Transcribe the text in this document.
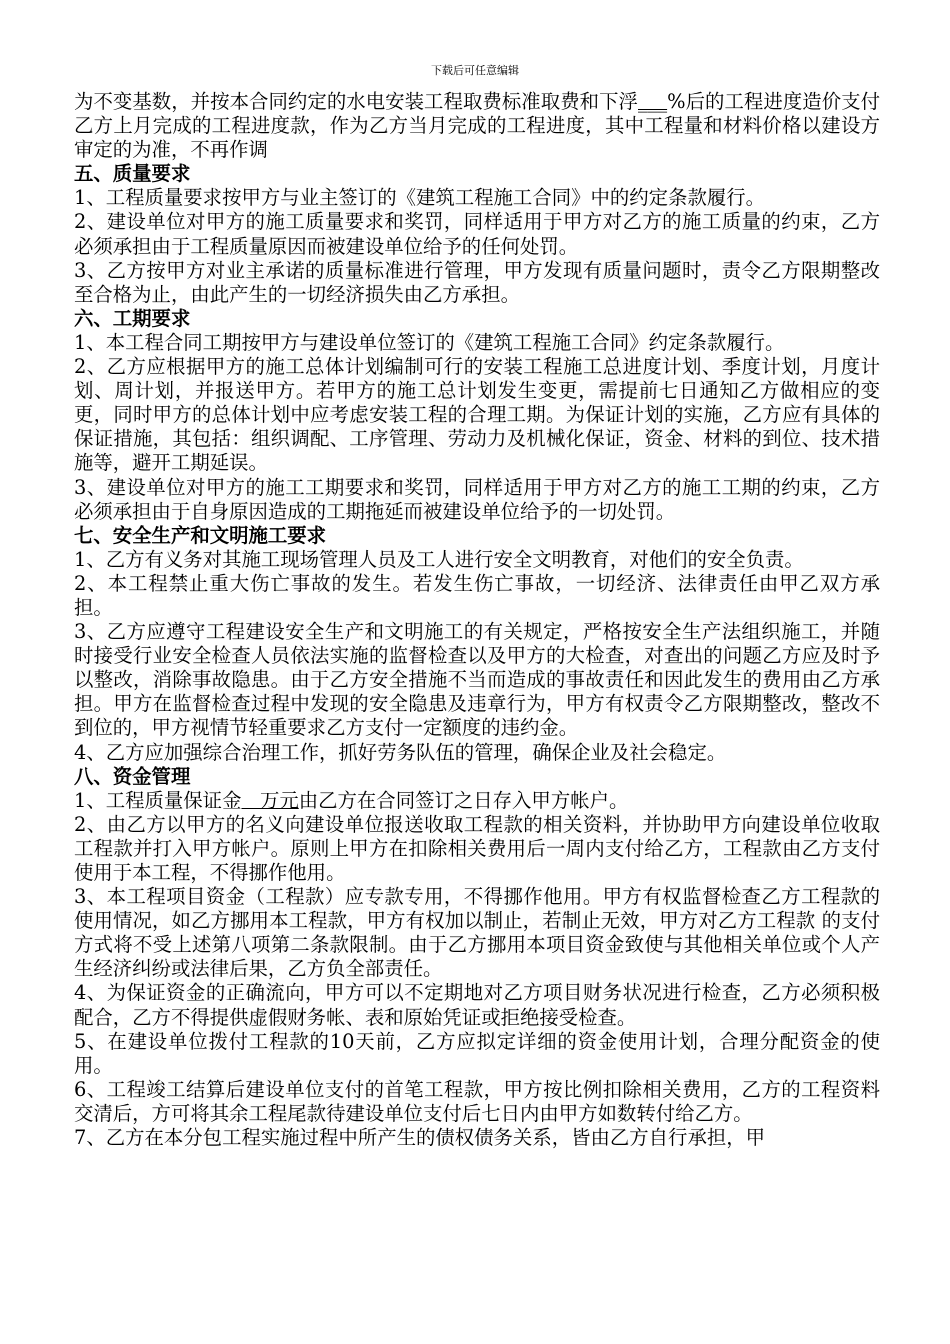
下载后可任意编辑

为不变基数，并按本合同约定的水电安装工程取费标准取费和下浮___%后的工程进度造价支付乙方上月完成的工程进度款，作为乙方当月完成的工程进度，其中工程量和材料价格以建设方审定的为准，不再作调

五、质量要求

1、工程质量要求按甲方与业主签订的《建筑工程施工合同》中的约定条款履行。

2、建设单位对甲方的施工质量要求和奖罚，同样适用于甲方对乙方的施工质量的约束，乙方必须承担由于工程质量原因而被建设单位给予的任何处罚。

3、乙方按甲方对业主承诺的质量标准进行管理，甲方发现有质量问题时，责令乙方限期整改至合格为止，由此产生的一切经济损失由乙方承担。

六、工期要求

1、本工程合同工期按甲方与建设单位签订的《建筑工程施工合同》约定条款履行。

2、乙方应根据甲方的施工总体计划编制可行的安装工程施工总进度计划、季度计划，月度计划、周计划，并报送甲方。若甲方的施工总计划发生变更，需提前七日通知乙方做相应的变更，同时甲方的总体计划中应考虑安装工程的合理工期。为保证计划的实施，乙方应有具体的保证措施，其包括：组织调配、工序管理、劳动力及机械化保证，资金、材料的到位、技术措施等，避开工期延误。

3、建设单位对甲方的施工工期要求和奖罚，同样适用于甲方对乙方的施工工期的约束，乙方必须承担由于自身原因造成的工期拖延而被建设单位给予的一切处罚。

七、安全生产和文明施工要求

1、乙方有义务对其施工现场管理人员及工人进行安全文明教育，对他们的安全负责。

2、本工程禁止重大伤亡事故的发生。若发生伤亡事故，一切经济、法律责任由甲乙双方承担。

3、乙方应遵守工程建设安全生产和文明施工的有关规定，严格按安全生产法组织施工，并随时接受行业安全检查人员依法实施的监督检查以及甲方的大检查，对查出的问题乙方应及时予以整改，消除事故隐患。由于乙方安全措施不当而造成的事故责任和因此发生的费用由乙方承担。甲方在监督检查过程中发现的安全隐患及违章行为，甲方有权责令乙方限期整改，整改不到位的，甲方视情节轻重要求乙方支付一定额度的违约金。

4、乙方应加强综合治理工作，抓好劳务队伍的管理，确保企业及社会稳定。

八、资金管理

1、工程质量保证金   万元由乙方在合同签订之日存入甲方帐户。

2、由乙方以甲方的名义向建设单位报送收取工程款的相关资料，并协助甲方向建设单位收取工程款并打入甲方帐户。原则上甲方在扣除相关费用后一周内支付给乙方，工程款由乙方支付使用于本工程，不得挪作他用。

3、本工程项目资金（工程款）应专款专用，不得挪作他用。甲方有权监督检查乙方工程款的使用情况，如乙方挪用本工程款，甲方有权加以制止，若制止无效，甲方对乙方工程款 的支付方式将不受上述第八项第二条款限制。由于乙方挪用本项目资金致使与其他相关单位或个人产生经济纠纷或法律后果，乙方负全部责任。

4、为保证资金的正确流向，甲方可以不定期地对乙方项目财务状况进行检查，乙方必须积极配合，乙方不得提供虚假财务帐、表和原始凭证或拒绝接受检查。

5、在建设单位拨付工程款的10天前，乙方应拟定详细的资金使用计划，合理分配资金的使用。

6、工程竣工结算后建设单位支付的首笔工程款，甲方按比例扣除相关费用，乙方的工程资料交清后，方可将其余工程尾款待建设单位支付后七日内由甲方如数转付给乙方。

7、乙方在本分包工程实施过程中所产生的债权债务关系，皆由乙方自行承担，甲
